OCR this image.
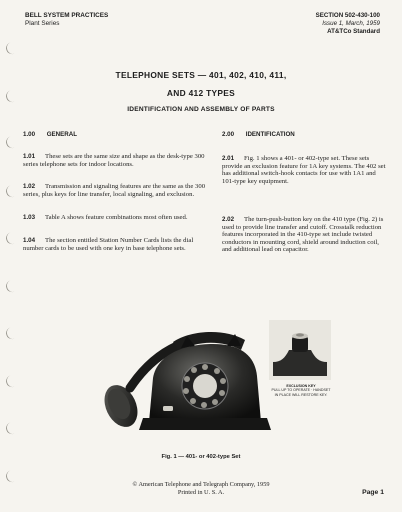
BELL SYSTEM PRACTICES
Plant Series
SECTION 502-430-100
Issue 1, March, 1959
AT&TCo Standard
TELEPHONE SETS — 401, 402, 410, 411,
AND 412 TYPES
IDENTIFICATION AND ASSEMBLY OF PARTS
1.00 GENERAL
1.01	These sets are the same size and shape as the desk-type 300 series telephone sets for indoor locations.
1.02	Transmission and signaling features are the same as the 300 series, plus keys for line transfer, local signaling, and exclusion.
1.03	Table A shows feature combinations most often used.
1.04	The section entitled Station Number Cards lists the dial number cards to be used with one key in base telephone sets.
2.00 IDENTIFICATION
2.01	Fig. 1 shows a 401- or 402-type set. These sets provide an exclusion feature for 1A key systems. The 402 set has additional switch-hook contacts for use with 1A1 and 101-type key equipment.
2.02	The turn-push-button key on the 410 type (Fig. 2) is used to provide line transfer and cutoff. Crosstalk reduction features incorporated in the 410-type set include twisted conductors in mounting cord, shield around induction coil, and additional lead on capacitor.
EXCLUSION KEY
PULL UP TO OPERATE · HANDSET
IN PLACE WILL RESTORE KEY.
Fig. 1 — 401- or 402-type Set
© American Telephone and Telegraph Company, 1959
Printed in U. S. A.	Page 1
